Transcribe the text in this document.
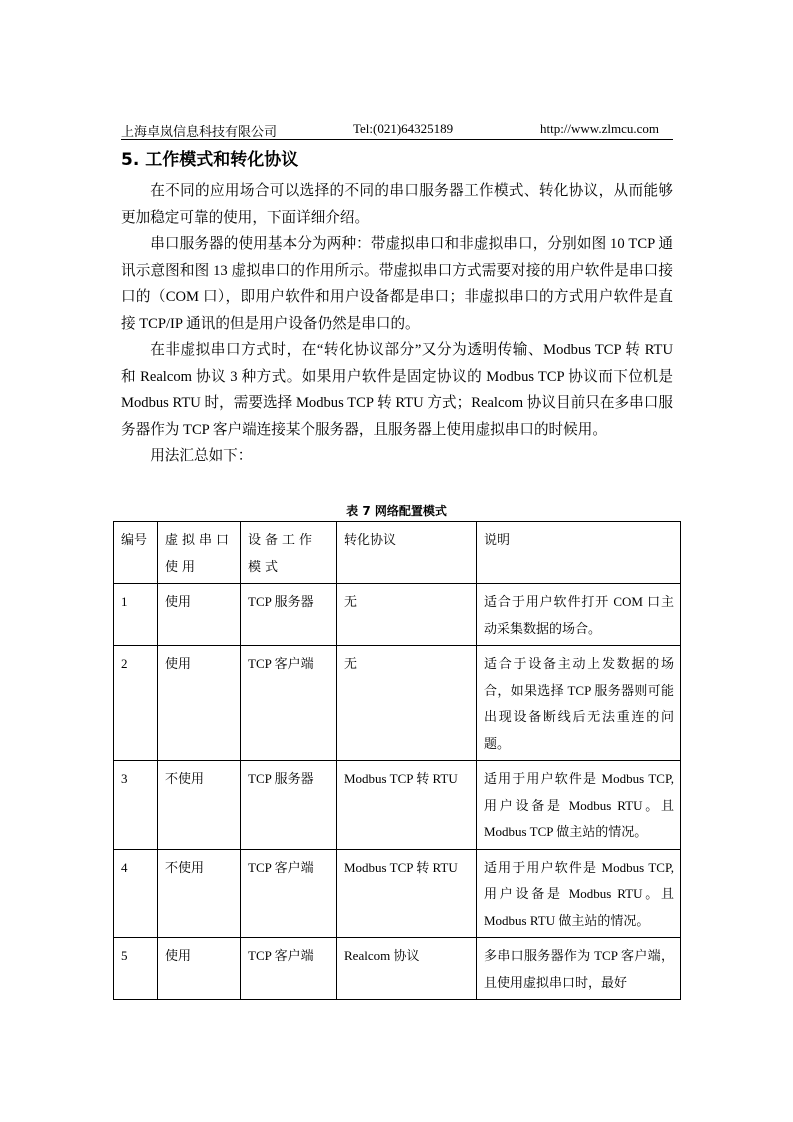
上海卓岚信息科技有限公司	Tel:(021)64325189	http://www.zlmcu.com
5. 工作模式和转化协议

在不同的应用场合可以选择的不同的串口服务器工作模式、转化协议，从而能够更加稳定可靠的使用，下面详细介绍。

串口服务器的使用基本分为两种：带虚拟串口和非虚拟串口，分别如图 10 TCP 通讯示意图和图 13 虚拟串口的作用所示。带虚拟串口方式需要对接的用户软件是串口接口的（COM 口），即用户软件和用户设备都是串口；非虚拟串口的方式用户软件是直接 TCP/IP 通讯的但是用户设备仍然是串口的。

在非虚拟串口方式时，在“转化协议部分”又分为透明传输、Modbus TCP 转 RTU 和 Realcom 协议 3 种方式。如果用户软件是固定协议的 Modbus TCP 协议而下位机是 Modbus RTU 时，需要选择 Modbus TCP 转 RTU 方式；Realcom 协议目前只在多串口服务器作为 TCP 客户端连接某个服务器，且服务器上使用虚拟串口的时候用。

用法汇总如下：

表 7 网络配置模式
编号	虚拟串口使用	设备工作模式	转化协议	说明
1	使用	TCP 服务器	无	适合于用户软件打开 COM 口主动采集数据的场合。
2	使用	TCP 客户端	无	适合于设备主动上发数据的场合，如果选择 TCP 服务器则可能出现设备断线后无法重连的问题。
3	不使用	TCP 服务器	Modbus TCP 转 RTU	适用于用户软件是 Modbus TCP,用户设备是 Modbus RTU。且 Modbus TCP 做主站的情况。
4	不使用	TCP 客户端	Modbus TCP 转 RTU	适用于用户软件是 Modbus TCP,用户设备是 Modbus RTU。且 Modbus RTU 做主站的情况。
5	使用	TCP 客户端	Realcom 协议	多串口服务器作为 TCP 客户端，且使用虚拟串口时，最好
